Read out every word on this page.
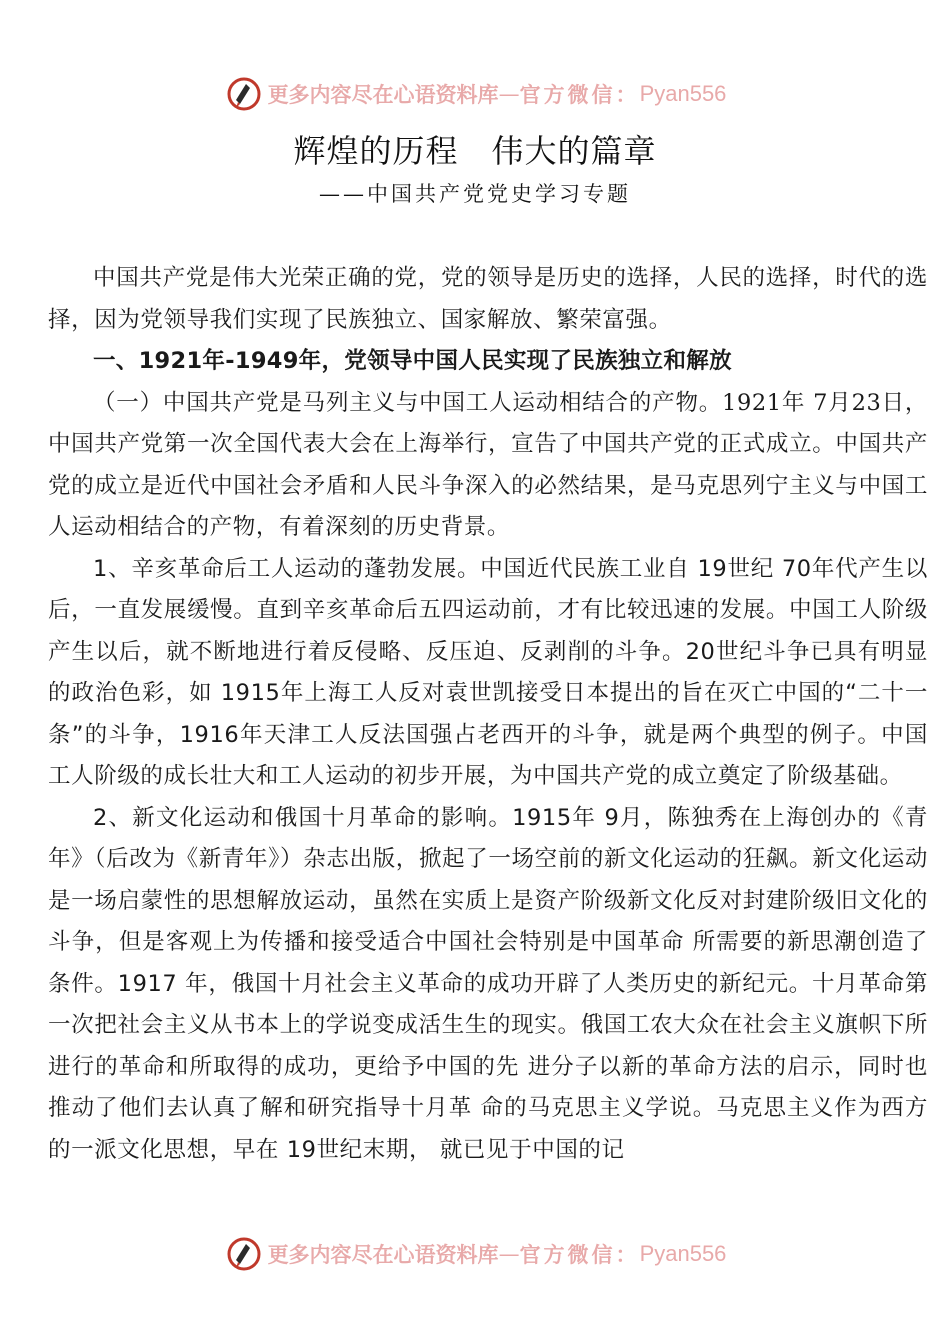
更多内容尽在心语资料库 — 官方微信： Pyan556
辉煌的历程　伟大的篇章
——中国共产党党史学习专题

中国共产党是伟大光荣正确的党，党的领导是历史的选择，人民的选择，时代的选择，因为党领导我们实现了民族独立、国家解放、繁荣富强。

一、1921年-1949年，党领导中国人民实现了民族独立和解放

（一）中国共产党是马列主义与中国工人运动相结合的产物。1921年 7月23日，中国共产党第一次全国代表大会在上海举行，宣告了中国共产党的正式成立。中国共产党的成立是近代中国社会矛盾和人民斗争深入的必然结果，是马克思列宁主义与中国工人运动相结合的产物，有着深刻的历史背景。

1、辛亥革命后工人运动的蓬勃发展。中国近代民族工业自 19世纪 70年代产生以后，一直发展缓慢。直到辛亥革命后五四运动前，才有比较迅速的发展。中国工人阶级产生以后，就不断地进行着反侵略、反压迫、反剥削的斗争。20世纪斗争已具有明显的政治色彩，如 1915年上海工人反对袁世凯接受日本提出的旨在灭亡中国的“二十一条”的斗争，1916年天津工人反法国强占老西开的斗争，就是两个典型的例子。中国工人阶级的成长壮大和工人运动的初步开展，为中国共产党的成立奠定了阶级基础。

2、新文化运动和俄国十月革命的影响。1915年 9月，陈独秀在上海创办的《青年》（后改为《新青年》）杂志出版，掀起了一场空前的新文化运动的狂飙。新文化运动是一场启蒙性的思想解放运动，虽然在实质上是资产阶级新文化反对封建阶级旧文化的斗争，但是客观上为传播和接受适合中国社会特别是中国革命 所需要的新思潮创造了条件。1917 年，俄国十月社会主义革命的成功开辟了人类历史的新纪元。十月革命第一次把社会主义从书本上的学说变成活生生的现实。俄国工农大众在社会主义旗帜下所进行的革命和所取得的成功，更给予中国的先 进分子以新的革命方法的启示，同时也推动了他们去认真了解和研究指导十月革 命的马克思主义学说。马克思主义作为西方的一派文化思想，早在 19世纪末期， 就已见于中国的记

更多内容尽在心语资料库 — 官方微信： Pyan556
